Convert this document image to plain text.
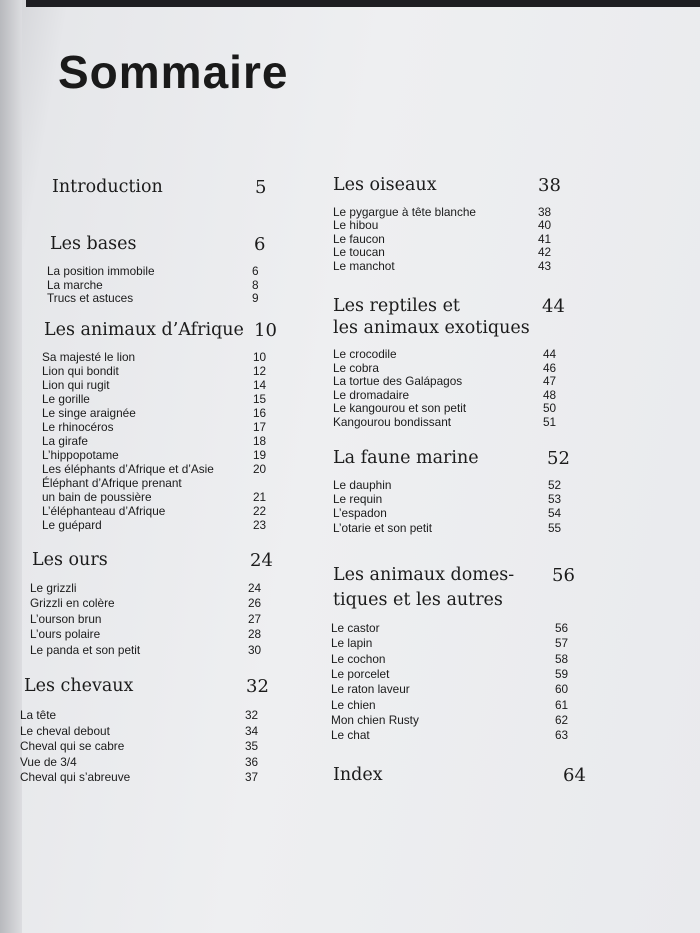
Sommaire
Introduction	5
Les bases	6
La position immobile	6
La marche	8
Trucs et astuces	9
Les animaux d’Afrique 10
Sa majesté le lion	10
Lion qui bondit	12
Lion qui rugit	14
Le gorille	15
Le singe araignée	16
Le rhinocéros	17
La girafe	18
L’hippopotame	19
Les éléphants d’Afrique et d’Asie	20
Éléphant d’Afrique prenant
un bain de poussière	21
L’éléphanteau d’Afrique	22
Le guépard	23
Les ours	24
Le grizzli	24
Grizzli en colère	26
L’ourson brun	27
L’ours polaire	28
Le panda et son petit	30
Les chevaux	32
La tête	32
Le cheval debout	34
Cheval qui se cabre	35
Vue de 3/4	36
Cheval qui s’abreuve	37
Les oiseaux	38
Le pygargue à tête blanche	38
Le hibou	40
Le faucon	41
Le toucan	42
Le manchot	43
Les reptiles et	44
les animaux exotiques
Le crocodile	44
Le cobra	46
La tortue des Galápagos	47
Le dromadaire	48
Le kangourou et son petit	50
Kangourou bondissant	51
La faune marine	52
Le dauphin	52
Le requin	53
L’espadon	54
L’otarie et son petit	55
Les animaux domes- 56
tiques et les autres
Le castor	56
Le lapin	57
Le cochon	58
Le porcelet	59
Le raton laveur	60
Le chien	61
Mon chien Rusty	62
Le chat	63
Index	64
